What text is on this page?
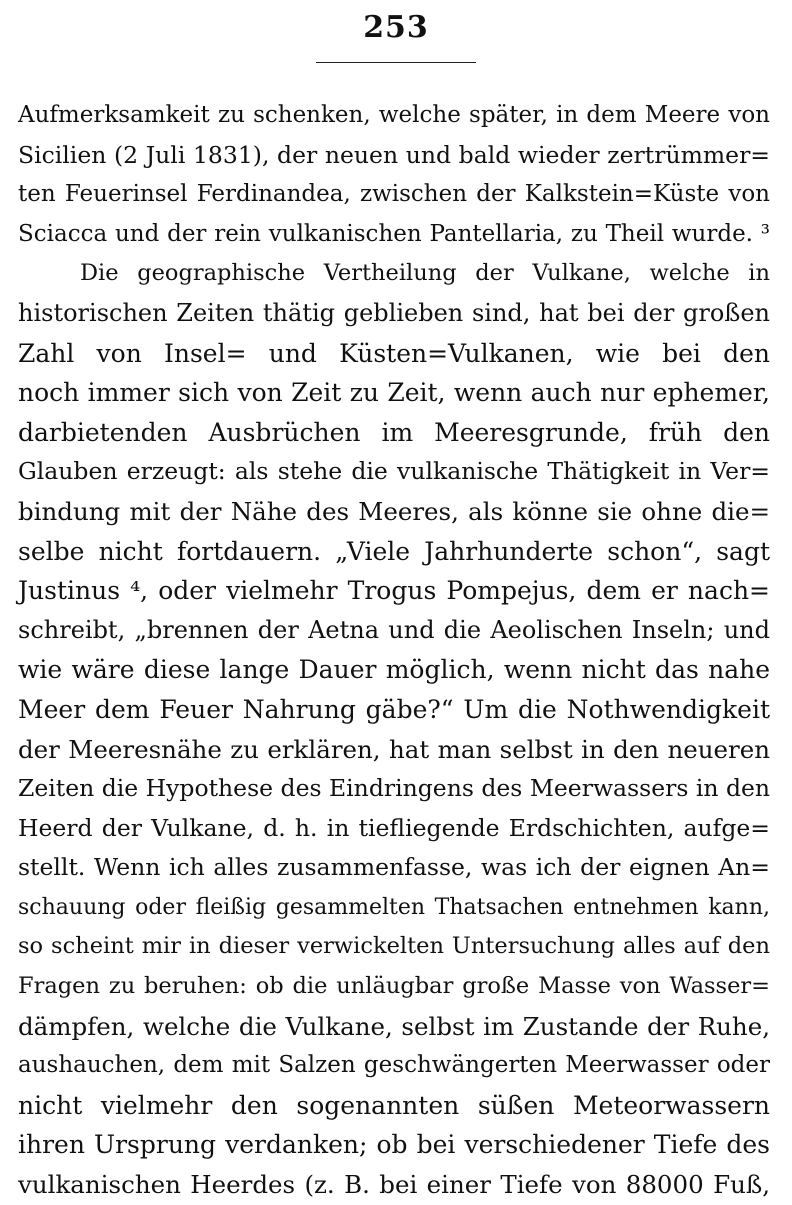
253
Aufmerksamkeit zu schenken, welche später, in dem Meere von
Sicilien (2 Juli 1831), der neuen und bald wieder zertrümmer=
ten Feuerinsel Ferdinandea, zwischen der Kalkstein=Küste von
Sciacca und der rein vulkanischen Pantellaria, zu Theil wurde. ³
Die geographische Vertheilung der Vulkane, welche in
historischen Zeiten thätig geblieben sind, hat bei der großen
Zahl von Insel= und Küsten=Vulkanen, wie bei den
noch immer sich von Zeit zu Zeit, wenn auch nur ephemer,
darbietenden Ausbrüchen im Meeresgrunde, früh den
Glauben erzeugt: als stehe die vulkanische Thätigkeit in Ver=
bindung mit der Nähe des Meeres, als könne sie ohne die=
selbe nicht fortdauern. „Viele Jahrhunderte schon“, sagt
Justinus ⁴, oder vielmehr Trogus Pompejus, dem er nach=
schreibt, „brennen der Aetna und die Aeolischen Inseln; und
wie wäre diese lange Dauer möglich, wenn nicht das nahe
Meer dem Feuer Nahrung gäbe?“ Um die Nothwendigkeit
der Meeresnähe zu erklären, hat man selbst in den neueren
Zeiten die Hypothese des Eindringens des Meerwassers in den
Heerd der Vulkane, d. h. in tiefliegende Erdschichten, aufge=
stellt. Wenn ich alles zusammenfasse, was ich der eignen An=
schauung oder fleißig gesammelten Thatsachen entnehmen kann,
so scheint mir in dieser verwickelten Untersuchung alles auf den
Fragen zu beruhen: ob die unläugbar große Masse von Wasser=
dämpfen, welche die Vulkane, selbst im Zustande der Ruhe,
aushauchen, dem mit Salzen geschwängerten Meerwasser oder
nicht vielmehr den sogenannten süßen Meteorwassern
ihren Ursprung verdanken; ob bei verschiedener Tiefe des
vulkanischen Heerdes (z. B. bei einer Tiefe von 88000 Fuß,
